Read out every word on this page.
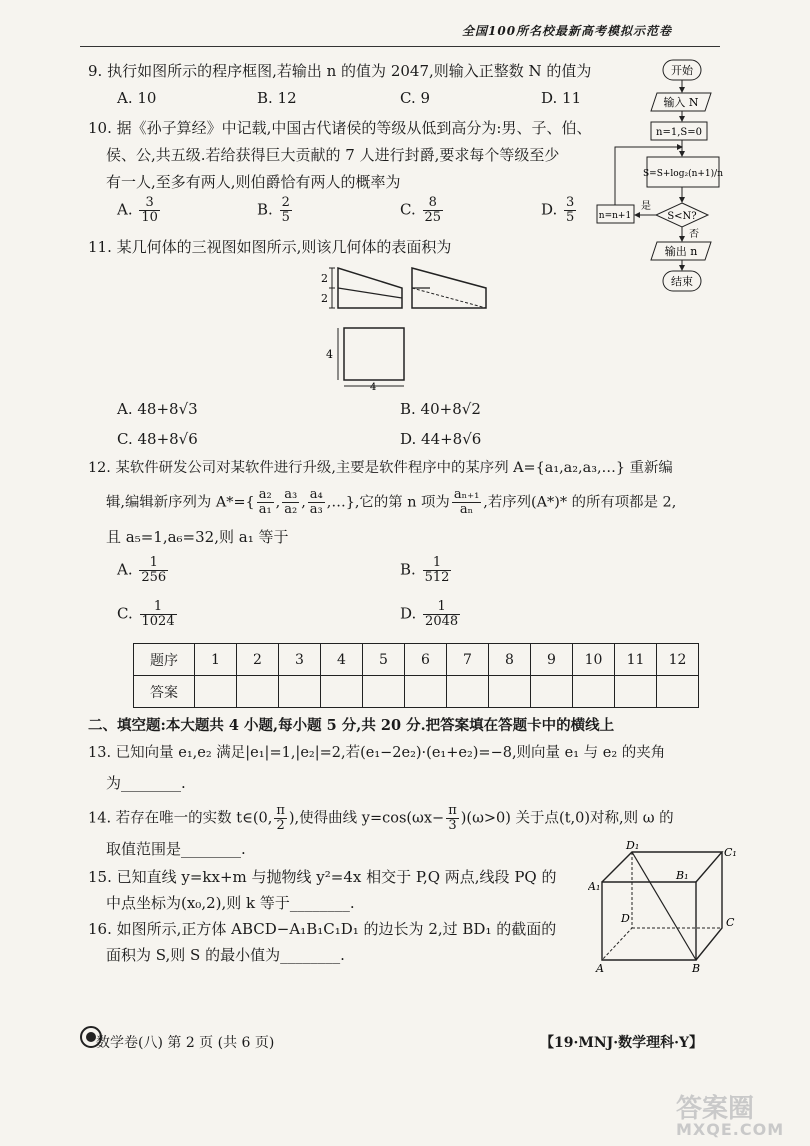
全国100所名校最新高考模拟示范卷
9. 执行如图所示的程序框图,若输出 n 的值为 2047,则输入正整数 N 的值为
A. 10	B. 12	C. 9	D. 11
10. 据《孙子算经》中记载,中国古代诸侯的等级从低到高分为:男、子、伯、
侯、公,共五级.若给获得巨大贡献的 7 人进行封爵,要求每个等级至少
有一人,至多有两人,则伯爵恰有两人的概率为
A. $\frac{3}{10}$	B. $\frac{2}{5}$	C. $\frac{8}{25}$	D. $\frac{3}{5}$
开始
输入 N
n=1,S=0
S=S+log₂(n+1)/n
S<N?
是
n=n+1
否
输出 n
结束
11. 某几何体的三视图如图所示,则该几何体的表面积为
2
2
4
4
A. 48+8√3	B. 40+8√2
C. 48+8√6	D. 44+8√6
12. 某软件研发公司对某软件进行升级,主要是软件程序中的某序列 A={a₁,a₂,a₃,…} 重新编
辑,编辑新序列为 $A*=\{ \frac{\text{a₂}}{\text{a₁}}$ , $\frac{\text{a₃}}{\text{a₂}}$ , $\frac{\text{a₄}}{\text{a₃}}$ ,…},它的第 n 项为 $\frac{\text{aₙ₊₁}}{\text{aₙ}}$ ,若序列(A*)* 的所有项都是 2,
且 a₅=1,a₆=32,则 a₁ 等于
A. $\frac{1}{256}$	B. $\frac{1}{512}$
C. $\frac{1}{1024}$	D. $\frac{1}{2048}$
题序	1	2	3	4	5	6	7	8	9	10	11	12
答案												
二、填空题:本大题共 4 小题,每小题 5 分,共 20 分.把答案填在答题卡中的横线上
13. 已知向量 e₁,e₂ 满足|e₁|=1,|e₂|=2,若(e₁−2e₂)·(e₁+e₂)=−8,则向量 e₁ 与 e₂ 的夹角
为________.
14. 若存在唯一的实数 t∈(0, $\frac{\pi}{2}$ ),使得曲线 $y=\cos(\omega x- \frac{\pi}{3} )(\omega>0)$ 关于点(t,0)对称,则 ω 的
取值范围是________.
15. 已知直线 y=kx+m 与抛物线 y²=4x 相交于 P,Q 两点,线段 PQ 的
中点坐标为(x₀,2),则 k 等于________.
16. 如图所示,正方体 ABCD−A₁B₁C₁D₁ 的边长为 2,过 BD₁ 的截面的
面积为 S,则 S 的最小值为________.
D₁
C₁
A₁
B₁
D	C
A	B
数学卷(八) 第 2 页 (共 6 页)	【19·MNJ·数学理科·Y】
答案圈
MXQE.COM
